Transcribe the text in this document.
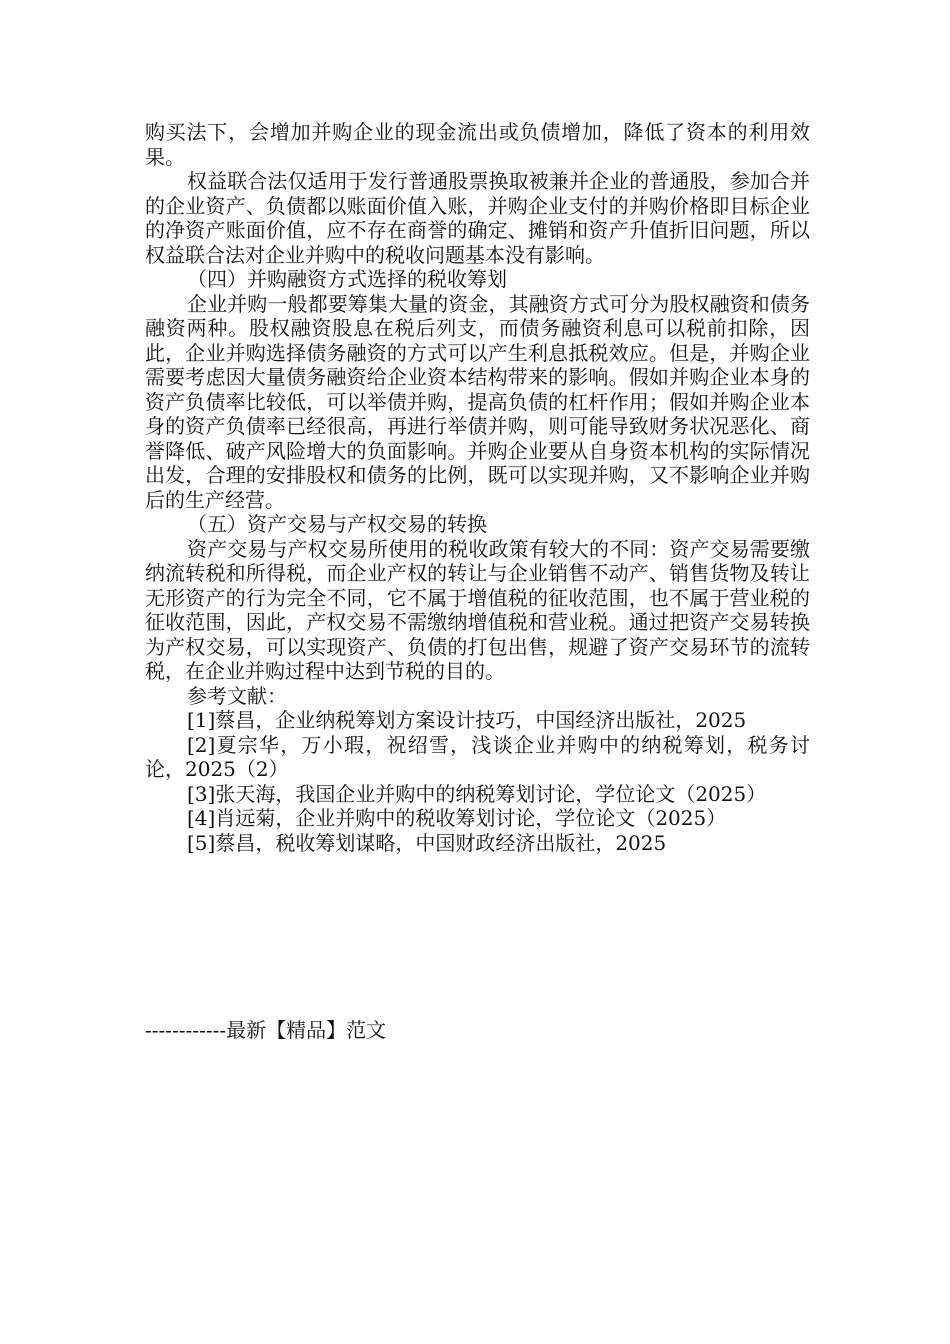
购买法下，会增加并购企业的现金流出或负债增加，降低了资本的利用效果。

权益联合法仅适用于发行普通股票换取被兼并企业的普通股，参加合并的企业资产、负债都以账面价值入账，并购企业支付的并购价格即目标企业的净资产账面价值，应不存在商誉的确定、摊销和资产升值折旧问题，所以权益联合法对企业并购中的税收问题基本没有影响。

（四）并购融资方式选择的税收筹划

企业并购一般都要筹集大量的资金，其融资方式可分为股权融资和债务融资两种。股权融资股息在税后列支，而债务融资利息可以税前扣除，因此，企业并购选择债务融资的方式可以产生利息抵税效应。但是，并购企业需要考虑因大量债务融资给企业资本结构带来的影响。假如并购企业本身的资产负债率比较低，可以举债并购，提高负债的杠杆作用；假如并购企业本身的资产负债率已经很高，再进行举债并购，则可能导致财务状况恶化、商誉降低、破产风险增大的负面影响。并购企业要从自身资本机构的实际情况出发，合理的安排股权和债务的比例，既可以实现并购，又不影响企业并购后的生产经营。

（五）资产交易与产权交易的转换

资产交易与产权交易所使用的税收政策有较大的不同：资产交易需要缴纳流转税和所得税，而企业产权的转让与企业销售不动产、销售货物及转让无形资产的行为完全不同，它不属于增值税的征收范围，也不属于营业税的征收范围，因此，产权交易不需缴纳增值税和营业税。通过把资产交易转换为产权交易，可以实现资产、负债的打包出售，规避了资产交易环节的流转税，在企业并购过程中达到节税的目的。

参考文献：

[1]蔡昌，企业纳税筹划方案设计技巧，中国经济出版社，2025

[2]夏宗华，万小瑕，祝绍雪，浅谈企业并购中的纳税筹划，税务讨论，2025（2）

[3]张天海，我国企业并购中的纳税筹划讨论，学位论文（2025）

[4]肖远菊，企业并购中的税收筹划讨论，学位论文（2025）

[5]蔡昌，税收筹划谋略，中国财政经济出版社，2025

------------最新【精品】范文
